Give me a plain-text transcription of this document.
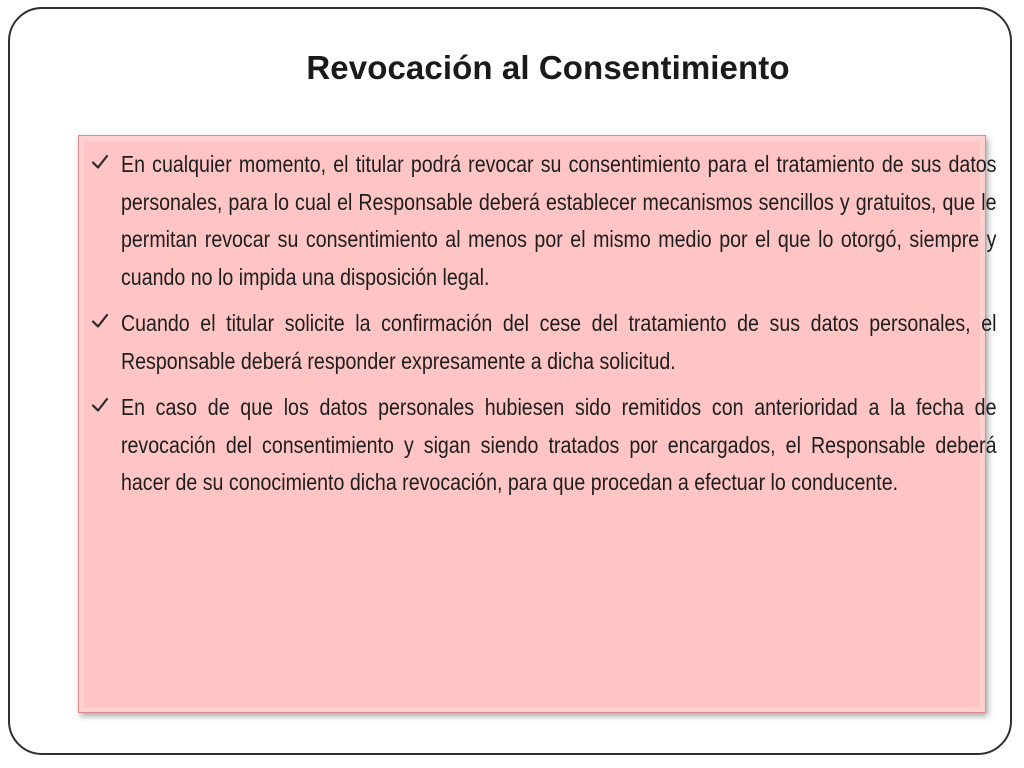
Revocación al Consentimiento
En cualquier momento, el titular podrá revocar su consentimiento para el tratamiento de sus datos personales, para lo cual el Responsable deberá establecer mecanismos sencillos y gratuitos, que le permitan revocar su consentimiento al menos por el mismo medio por el que lo otorgó, siempre y cuando no lo impida una disposición legal.
Cuando el titular solicite la confirmación del cese del tratamiento de sus datos personales, el Responsable deberá responder expresamente a dicha solicitud.
En caso de que los datos personales hubiesen sido remitidos con anterioridad a la fecha de revocación del consentimiento y sigan siendo tratados por encargados, el Responsable deberá hacer de su conocimiento dicha revocación, para que procedan a efectuar lo conducente.
